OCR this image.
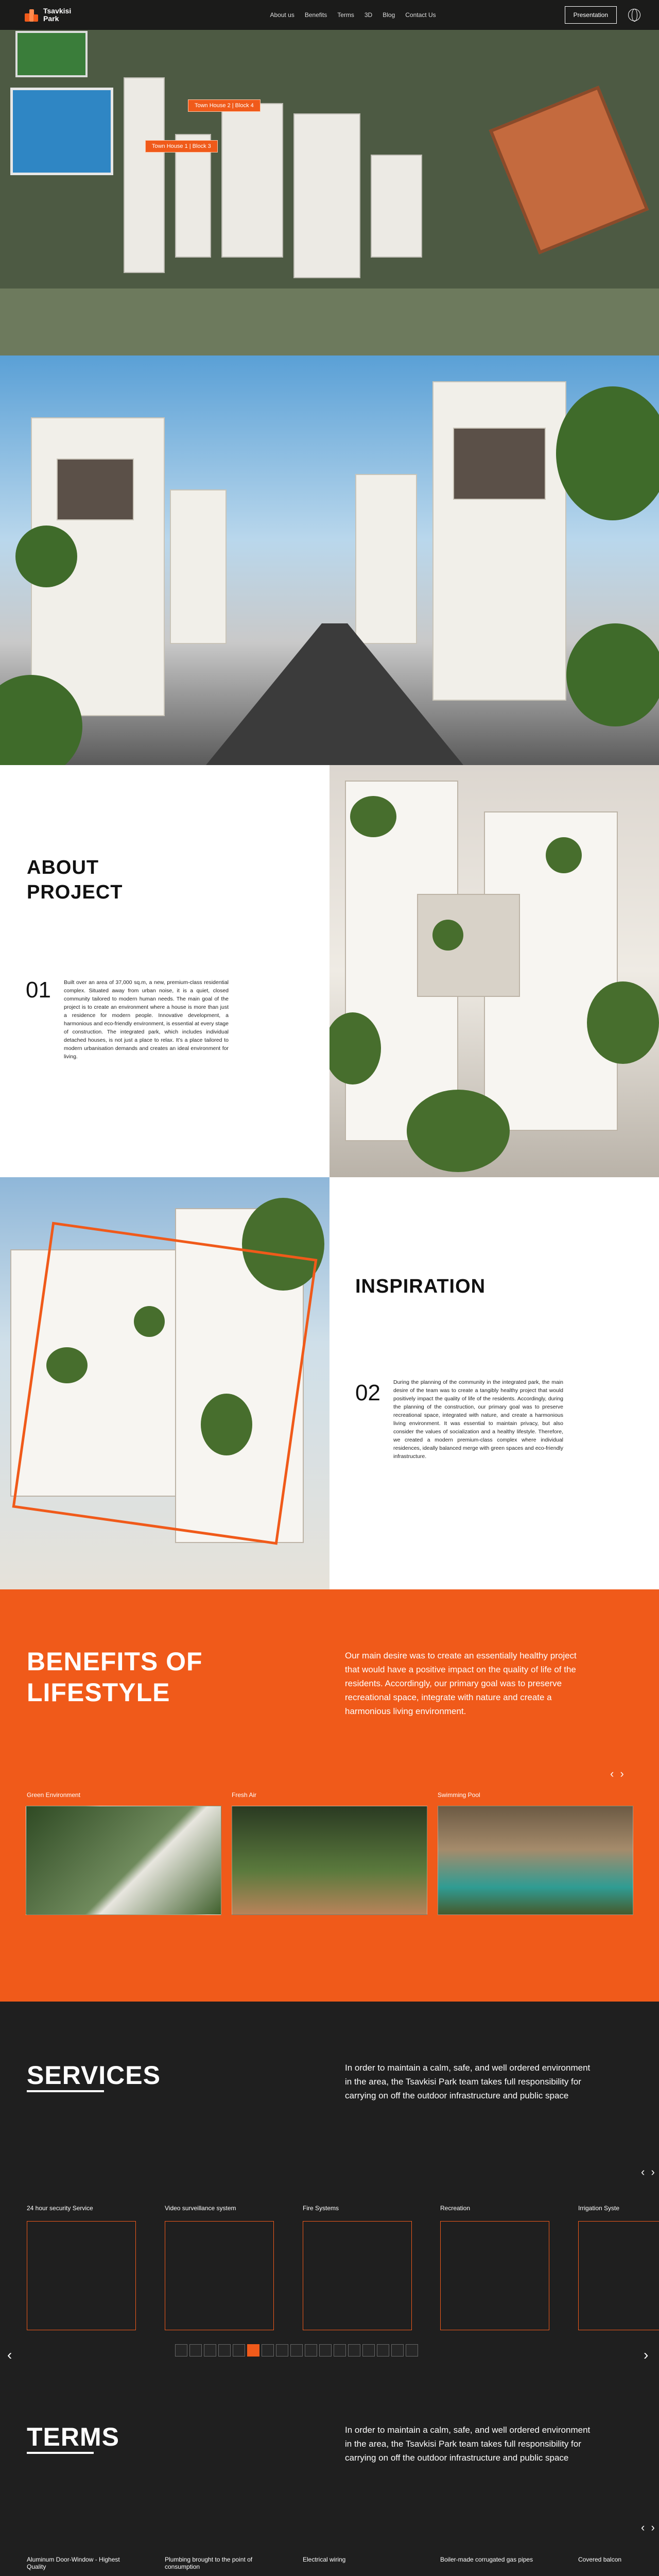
Tsavkisi
Park	About us Benefits Terms 3D Blog Contact Us	Presentation
Town House 2 | Block 4
Town House 1 | Block 3
ABOUT
PROJECT
01 Built over an area of 37,000 sq.m, a new, premium-class residential complex. Situated away from urban noise, it is a quiet, closed community tailored to modern human needs. The main goal of the project is to create an environment where a house is more than just a residence for modern people. Innovative development, a harmonious and eco-friendly environment, is essential at every stage of construction. The integrated park, which includes individual detached houses, is not just a place to relax. It’s a place tailored to modern urbanisation demands and creates an ideal environment for living.

INSPIRATION
02 During the planning of the community in the integrated park, the main desire of the team was to create a tangibly healthy project that would positively impact the quality of life of the residents. Accordingly, during the planning of the construction, our primary goal was to preserve recreational space, integrated with nature, and create a harmonious living environment. It was essential to maintain privacy, but also consider the values of socialization and a healthy lifestyle. Therefore, we created a modern premium-class complex where individual residences, ideally balanced merge with green spaces and eco-friendly infrastructure.

BENEFITS OF
LIFESTYLE

Our main desire was to create an essentially healthy project that would have a positive impact on the quality of life of the residents. Accordingly, our primary goal was to preserve recreational space, integrate with nature and create a harmonious living environment.

‹ ›
Green Environment	Fresh Air	Swimming Pool
SERVICES	In order to maintain a calm, safe, and well ordered environment in the area, the Tsavkisi Park team takes full responsibility for carrying on off the outdoor infrastructure and public space

‹ ›
24 hour security Service	Video surveillance system	Fire Systems	Recreation	Irrigation Syste
‹	›
TERMS	In order to maintain a calm, safe, and well ordered environment in the area, the Tsavkisi Park team takes full responsibility for carrying on off the outdoor infrastructure and public space

‹ ›
Aluminum Door-Window - Highest Quality
Plumbing brought to the point of consumption
Electrical wiring	Boiler-made corrugated gas pipes	Covered balcon
